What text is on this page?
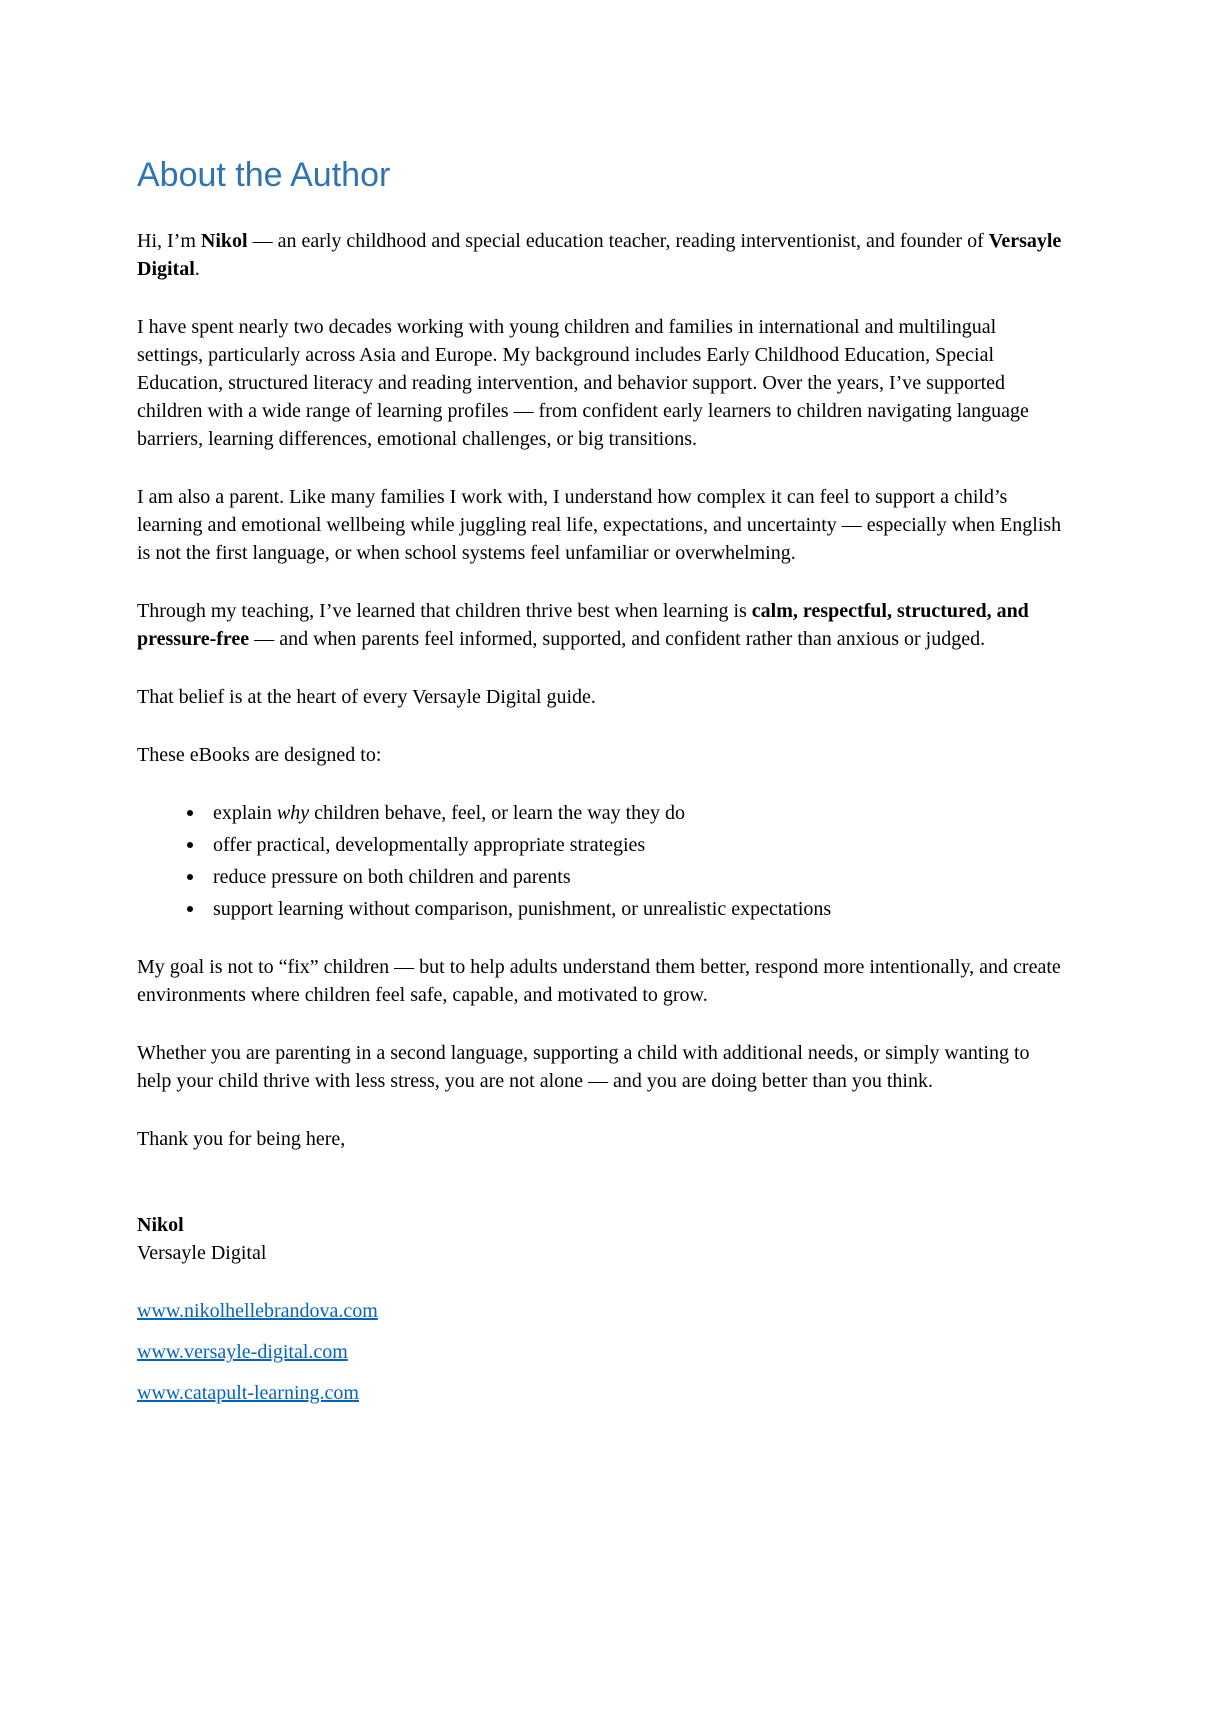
About the Author

Hi, I’m Nikol — an early childhood and special education teacher, reading interventionist, and founder of Versayle Digital.

I have spent nearly two decades working with young children and families in international and multilingual settings, particularly across Asia and Europe. My background includes Early Childhood Education, Special Education, structured literacy and reading intervention, and behavior support. Over the years, I’ve supported children with a wide range of learning profiles — from confident early learners to children navigating language barriers, learning differences, emotional challenges, or big transitions.

I am also a parent. Like many families I work with, I understand how complex it can feel to support a child’s learning and emotional wellbeing while juggling real life, expectations, and uncertainty — especially when English is not the first language, or when school systems feel unfamiliar or overwhelming.

Through my teaching, I’ve learned that children thrive best when learning is calm, respectful, structured, and pressure-free — and when parents feel informed, supported, and confident rather than anxious or judged.

That belief is at the heart of every Versayle Digital guide.

These eBooks are designed to:

explain why children behave, feel, or learn the way they do
offer practical, developmentally appropriate strategies
reduce pressure on both children and parents
support learning without comparison, punishment, or unrealistic expectations

My goal is not to “fix” children — but to help adults understand them better, respond more intentionally, and create environments where children feel safe, capable, and motivated to grow.

Whether you are parenting in a second language, supporting a child with additional needs, or simply wanting to help your child thrive with less stress, you are not alone — and you are doing better than you think.

Thank you for being here,

Nikol

Versayle Digital

www.nikolhellebrandova.com
www.versayle-digital.com
www.catapult-learning.com
